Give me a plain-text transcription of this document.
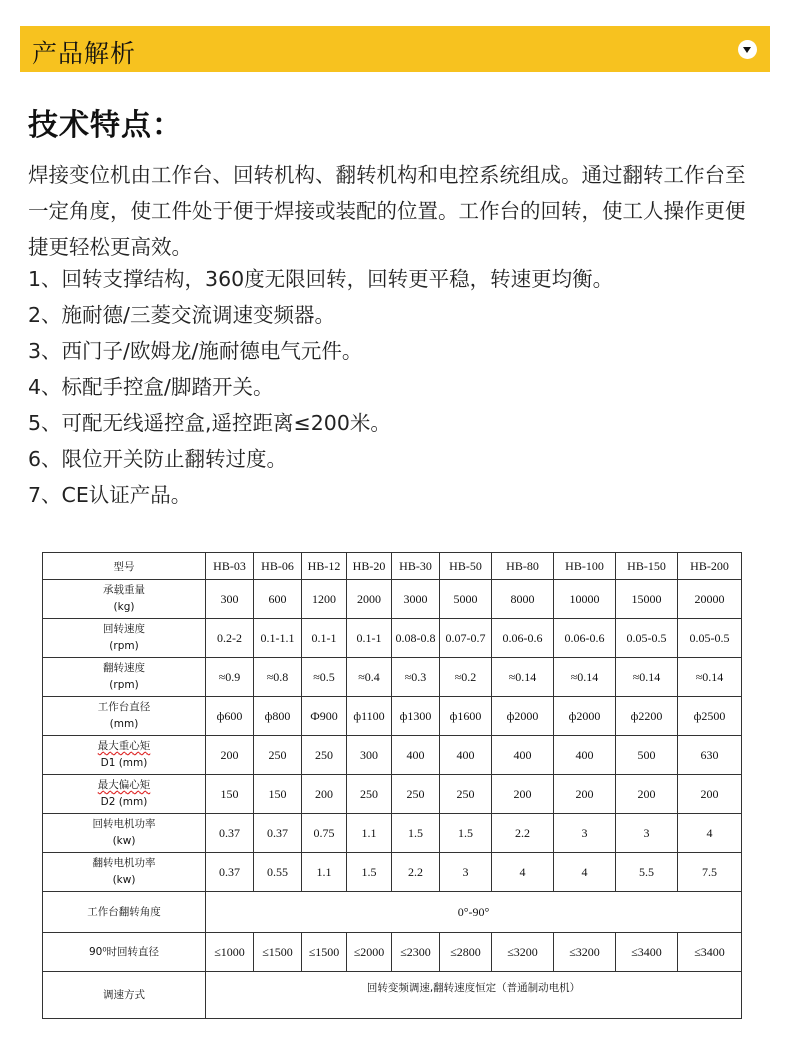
产品解析
技术特点：
焊接变位机由工作台、回转机构、翻转机构和电控系统组成。通过翻转工作台至一定角度，使工件处于便于焊接或装配的位置。工作台的回转，使工人操作更便捷更轻松更高效。
1、回转支撑结构，360度无限回转，回转更平稳，转速更均衡。
2、施耐德/三菱交流调速变频器。
3、西门子/欧姆龙/施耐德电气元件。
4、标配手控盒/脚踏开关。
5、可配无线遥控盒,遥控距离≤200米。
6、限位开关防止翻转过度。
7、CE认证产品。
型号	HB-03	HB-06	HB-12	HB-20	HB-30	HB-50	HB-80	HB-100	HB-150	HB-200

承载重量
(kg)	300	600	1200	2000	3000	5000	8000	10000	15000	20000

回转速度
(rpm)	0.2-2	0.1-1.1	0.1-1	0.1-1	0.08-0.8	0.07-0.7	0.06-0.6	0.06-0.6	0.05-0.5	0.05-0.5

翻转速度
(rpm)	≈0.9	≈0.8	≈0.5	≈0.4	≈0.3	≈0.2	≈0.14	≈0.14	≈0.14	≈0.14

工作台直径
(mm)	ф600	ф800	Ф900	ф1100	ф1300	ф1600	ф2000	ф2000	ф2200	ф2500

最大重心矩
D1 (mm)	200	250	250	300	400	400	400	400	500	630

最大偏心矩
D2 (mm)	150	150	200	250	250	250	200	200	200	200

回转电机功率
(kw)	0.37	0.37	0.75	1.1	1.5	1.5	2.2	3	3	4

翻转电机功率
(kw)	0.37	0.55	1.1	1.5	2.2	3	4	4	5.5	7.5
工作台翻转角度	0°-90°									
90⁰时回转直径	≤1000	≤1500	≤1500	≤2000	≤2300	≤2800	≤3200	≤3200	≤3400	≤3400
调速方式	回转变频调速,翻转速度恒定（普通制动电机）									
